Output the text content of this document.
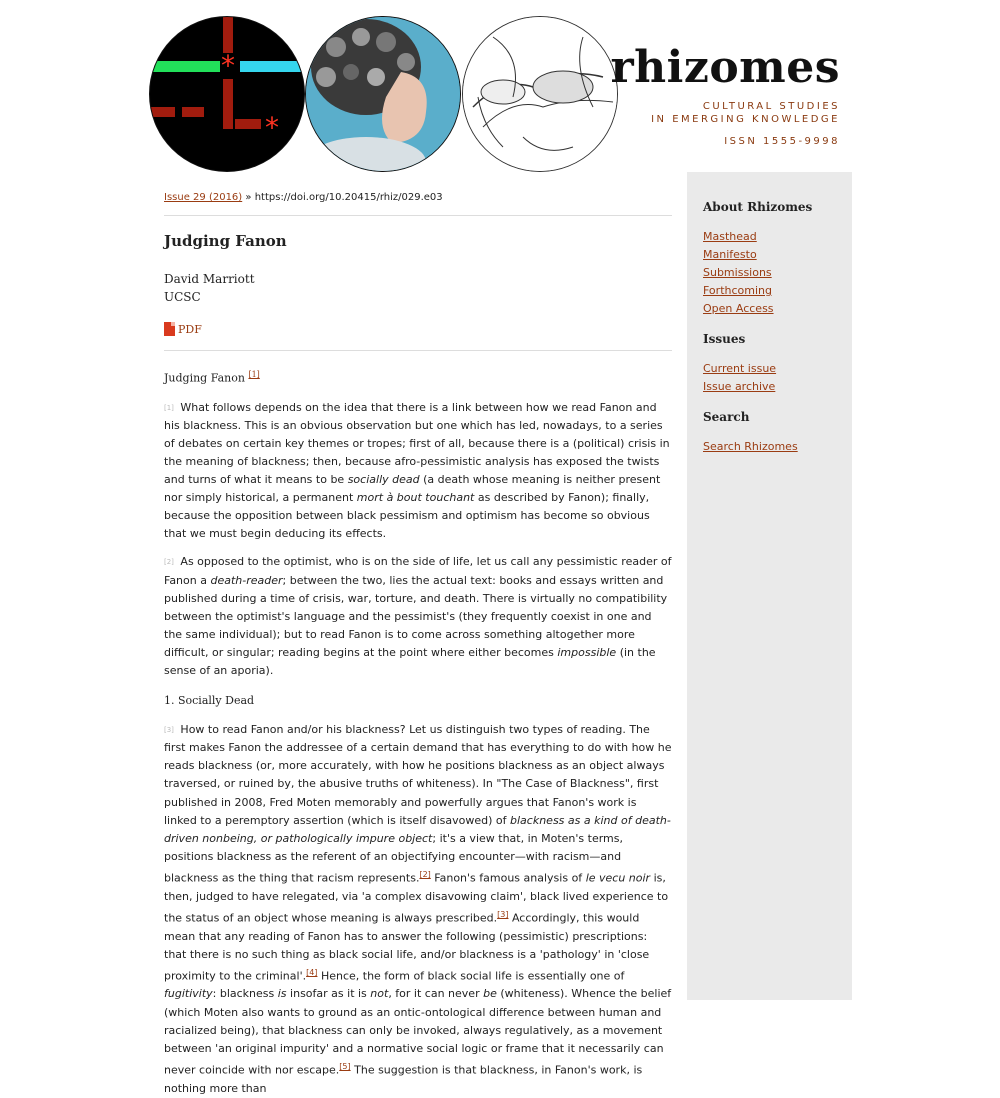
*
*
rhizomes
CULTURAL STUDIES
IN EMERGING KNOWLEDGE
ISSN 1555-9998
Issue 29 (2016) » https://doi.org/10.20415/rhiz/029.e03
Judging Fanon
David Marriott
UCSC
PDF
Judging Fanon [1]

[1] What follows depends on the idea that there is a link between how we read Fanon and his blackness. This is an obvious observation but one which has led, nowadays, to a series of debates on certain key themes or tropes; first of all, because there is a (political) crisis in the meaning of blackness; then, because afro-pessimistic analysis has exposed the twists and turns of what it means to be socially dead (a death whose meaning is neither present nor simply historical, a permanent mort à bout touchant as described by Fanon); finally, because the opposition between black pessimism and optimism has become so obvious that we must begin deducing its effects.

[2] As opposed to the optimist, who is on the side of life, let us call any pessimistic reader of Fanon a death-reader; between the two, lies the actual text: books and essays written and published during a time of crisis, war, torture, and death. There is virtually no compatibility between the optimist's language and the pessimist's (they frequently coexist in one and the same individual); but to read Fanon is to come across something altogether more difficult, or singular; reading begins at the point where either becomes impossible (in the sense of an aporia).

1. Socially Dead

[3] How to read Fanon and/or his blackness? Let us distinguish two types of reading. The first makes Fanon the addressee of a certain demand that has everything to do with how he reads blackness (or, more accurately, with how he positions blackness as an object always traversed, or ruined by, the abusive truths of whiteness). In "The Case of Blackness", first published in 2008, Fred Moten memorably and powerfully argues that Fanon's work is linked to a peremptory assertion (which is itself disavowed) of blackness as a kind of death-driven nonbeing, or pathologically impure object; it's a view that, in Moten's terms, positions blackness as the referent of an objectifying encounter—with racism—and blackness as the thing that racism represents.[2] Fanon's famous analysis of le vecu noir is, then, judged to have relegated, via 'a complex disavowing claim', black lived experience to the status of an object whose meaning is always prescribed.[3] Accordingly, this would mean that any reading of Fanon has to answer the following (pessimistic) prescriptions: that there is no such thing as black social life, and/or blackness is a 'pathology' in 'close proximity to the criminal'.[4] Hence, the form of black social life is essentially one of fugitivity: blackness is insofar as it is not, for it can never be (whiteness). Whence the belief (which Moten also wants to ground as an ontic-ontological difference between human and racialized being), that blackness can only be invoked, always regulatively, as a movement between 'an original impurity' and a normative social logic or frame that it necessarily can never coincide with nor escape.[5] The suggestion is that blackness, in Fanon's work, is nothing more than

About Rhizomes
Masthead
Manifesto
Submissions
Forthcoming
Open Access
Issues
Current issue
Issue archive
Search
Search Rhizomes
